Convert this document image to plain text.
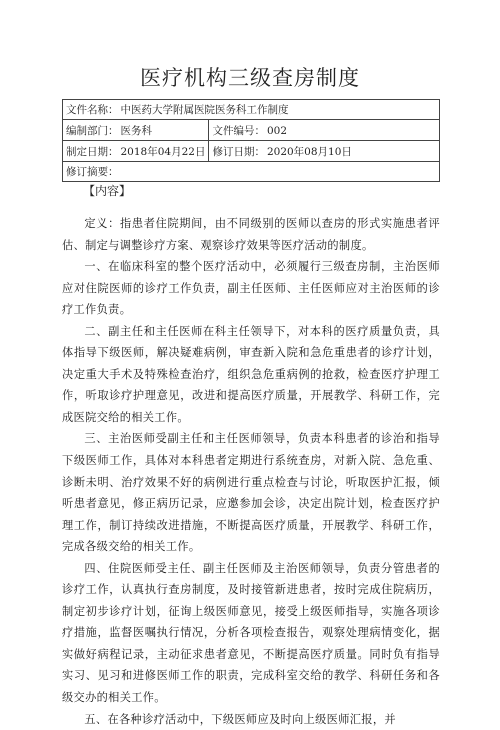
医疗机构三级查房制度
文件名称： 中医药大学附属医院医务科工作制度	
编制部门： 医务科	文件编号： 002
制定日期： 2018年04月22日	修订日期： 2020年08月10日
修订摘要：	
【内容】

定义：指患者住院期间，由不同级别的医师以查房的形式实施患者评估、制定与调整诊疗方案、观察诊疗效果等医疗活动的制度。

一、在临床科室的整个医疗活动中，必须履行三级查房制，主治医师应对住院医师的诊疗工作负责，副主任医师、主任医师应对主治医师的诊疗工作负责。

二、副主任和主任医师在科主任领导下，对本科的医疗质量负责，具体指导下级医师，解决疑难病例，审查新入院和急危重患者的诊疗计划，决定重大手术及特殊检查治疗，组织急危重病例的抢救，检查医疗护理工作，听取诊疗护理意见，改进和提高医疗质量，开展教学、科研工作，完成医院交给的相关工作。

三、主治医师受副主任和主任医师领导，负责本科患者的诊治和指导下级医师工作，具体对本科患者定期进行系统查房，对新入院、急危重、诊断未明、治疗效果不好的病例进行重点检查与讨论，听取医护汇报，倾听患者意见，修正病历记录，应邀参加会诊，决定出院计划，检查医疗护理工作，制订持续改进措施，不断提高医疗质量，开展教学、科研工作，完成各级交给的相关工作。

四、住院医师受主任、副主任医师及主治医师领导，负责分管患者的诊疗工作，认真执行查房制度，及时接管新进患者，按时完成住院病历，制定初步诊疗计划，征询上级医师意见，接受上级医师指导，实施各项诊疗措施，监督医嘱执行情况，分析各项检查报告，观察处理病情变化，据实做好病程记录，主动征求患者意见，不断提高医疗质量。同时负有指导实习、见习和进修医师工作的职责，完成科室交给的教学、科研任务和各级交办的相关工作。

五、在各种诊疗活动中，下级医师应及时向上级医师汇报，并
